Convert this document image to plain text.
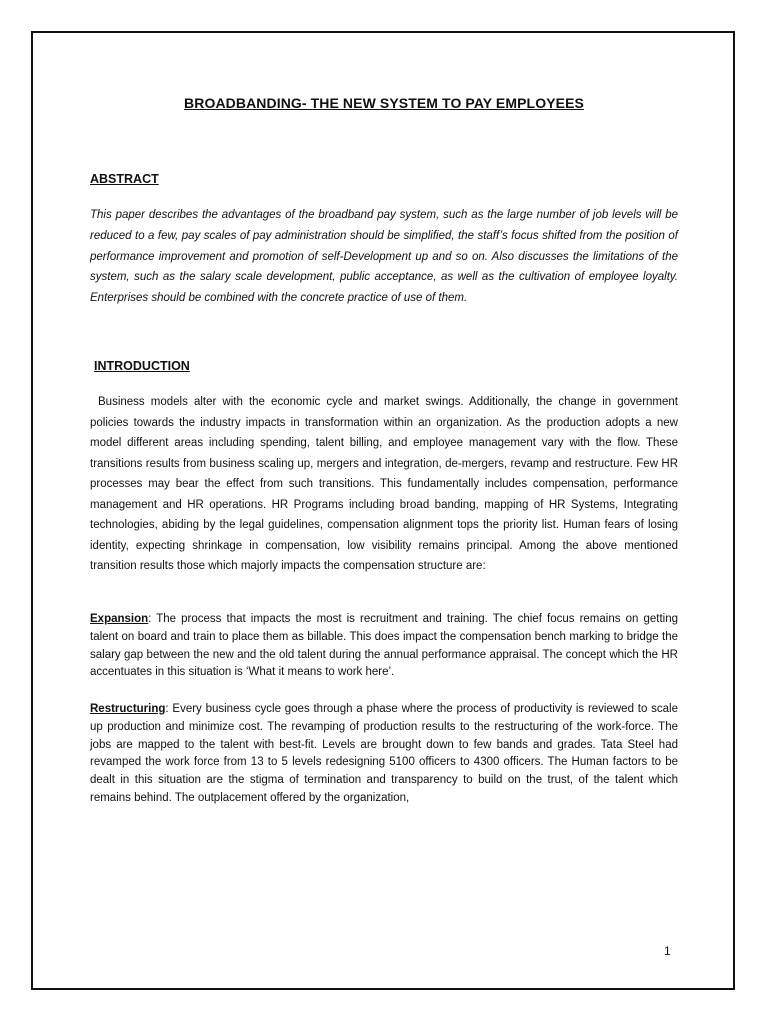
BROADBANDING- THE NEW SYSTEM TO PAY EMPLOYEES
ABSTRACT
This paper describes the advantages of the broadband pay system, such as the large number of job levels will be reduced to a few, pay scales of pay administration should be simplified, the staff’s focus shifted from the position of performance improvement and promotion of self-Development up and so on. Also discusses the limitations of the system, such as the salary scale development, public acceptance, as well as the cultivation of employee loyalty. Enterprises should be combined with the concrete practice of use of them.
INTRODUCTION
Business models alter with the economic cycle and market swings. Additionally, the change in government policies towards the industry impacts in transformation within an organization. As the production adopts a new model different areas including spending, talent billing, and employee management vary with the flow. These transitions results from business scaling up, mergers and integration, de-mergers, revamp and restructure. Few HR processes may bear the effect from such transitions. This fundamentally includes compensation, performance management and HR operations. HR Programs including broad banding, mapping of HR Systems, Integrating technologies, abiding by the legal guidelines, compensation alignment tops the priority list. Human fears of losing identity, expecting shrinkage in compensation, low visibility remains principal. Among the above mentioned transition results those which majorly impacts the compensation structure are:
Expansion: The process that impacts the most is recruitment and training. The chief focus remains on getting talent on board and train to place them as billable. This does impact the compensation bench marking to bridge the salary gap between the new and the old talent during the annual performance appraisal. The concept which the HR accentuates in this situation is ‘What it means to work here’.
Restructuring: Every business cycle goes through a phase where the process of productivity is reviewed to scale up production and minimize cost. The revamping of production results to the restructuring of the work-force. The jobs are mapped to the talent with best-fit. Levels are brought down to few bands and grades. Tata Steel had revamped the work force from 13 to 5 levels redesigning 5100 officers to 4300 officers. The Human factors to be dealt in this situation are the stigma of termination and transparency to build on the trust, of the talent which remains behind. The outplacement offered by the organization,
1
